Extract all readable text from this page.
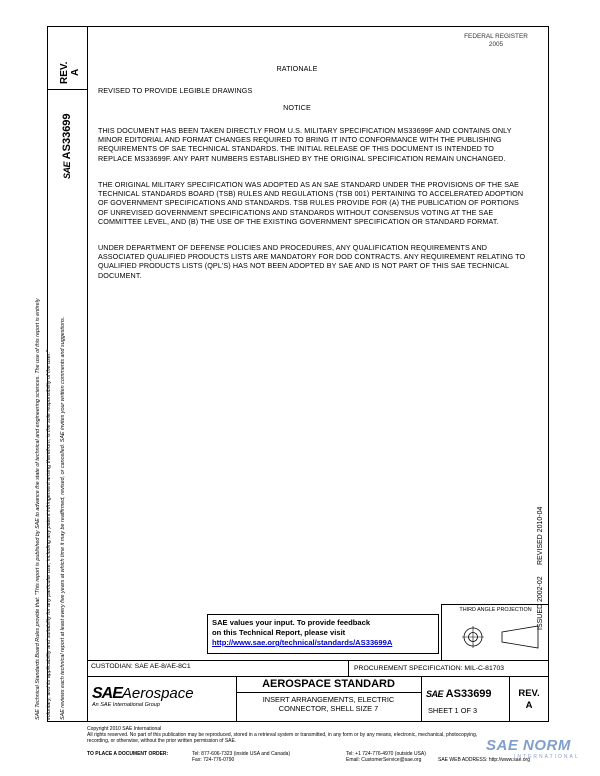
FEDERAL REGISTER
2005
REV.
A
SAE AS33699
SAE Technical Standards Board Rules provide that: "This report is published by SAE to advance the state of technical and engineering sciences. The use of this report is entirely voluntary, and its applicability and suitability for any particular use, including any patent infringement arising therefrom, is the sole responsibility of the user."	SAE reviews each technical report at least every five years at which time it may be reaffirmed, revised, or cancelled. SAE invites your written comments and suggestions.	ISSUED 2002-02
REVISED 2010-04
RATIONALE
REVISED TO PROVIDE LEGIBLE DRAWINGS
NOTICE
THIS DOCUMENT HAS BEEN TAKEN DIRECTLY FROM U.S. MILITARY SPECIFICATION MS33699F AND CONTAINS ONLY MINOR EDITORIAL AND FORMAT CHANGES REQUIRED TO BRING IT INTO CONFORMANCE WITH THE PUBLISHING REQUIREMENTS OF SAE TECHNICAL STANDARDS. THE INITIAL RELEASE OF THIS DOCUMENT IS INTENDED TO REPLACE MS33699F. ANY PART NUMBERS ESTABLISHED BY THE ORIGINAL SPECIFICATION REMAIN UNCHANGED.
THE ORIGINAL MILITARY SPECIFICATION WAS ADOPTED AS AN SAE STANDARD UNDER THE PROVISIONS OF THE SAE TECHNICAL STANDARDS BOARD (TSB) RULES AND REGULATIONS (TSB 001) PERTAINING TO ACCELERATED ADOPTION OF GOVERNMENT SPECIFICATIONS AND STANDARDS. TSB RULES PROVIDE FOR (A) THE PUBLICATION OF PORTIONS OF UNREVISED GOVERNMENT SPECIFICATIONS AND STANDARDS WITHOUT CONSENSUS VOTING AT THE SAE COMMITTEE LEVEL, AND (B) THE USE OF THE EXISTING GOVERNMENT SPECIFICATION OR STANDARD FORMAT.
UNDER DEPARTMENT OF DEFENSE POLICIES AND PROCEDURES, ANY QUALIFICATION REQUIREMENTS AND ASSOCIATED QUALIFIED PRODUCTS LISTS ARE MANDATORY FOR DOD CONTRACTS. ANY REQUIREMENT RELATING TO QUALIFIED PRODUCTS LISTS (QPL'S) HAS NOT BEEN ADOPTED BY SAE AND IS NOT PART OF THIS SAE TECHNICAL DOCUMENT.
SAE values your input. To provide feedback
on this Technical Report, please visit
http://www.sae.org/technical/standards/AS33699A
THIRD ANGLE PROJECTION
CUSTODIAN: SAE AE-8/AE-8C1	PROCUREMENT SPECIFICATION: MIL-C-81703
SAEAerospace
An SAE International Group
AEROSPACE STANDARD
INSERT ARRANGEMENTS, ELECTRIC
CONNECTOR, SHELL SIZE 7
SAE AS33699
SHEET 1 OF 3
REV.
A
Copyright 2010 SAE International
All rights reserved. No part of this publication may be reproduced, stored in a retrieval system or transmitted, in any form or by any means, electronic, mechanical, photocopying,
recording, or otherwise, without the prior written permission of SAE.
TO PLACE A DOCUMENT ORDER:	Tel: 877-606-7323 (inside USA and Canada)
Fax: 724-776-0790
Tel: +1 724-776-4970 (outside USA)
Email: CustomerService@sae.org	SAE WEB ADDRESS: http://www.sae.org
SAE NORM
INTERNATIONAL
